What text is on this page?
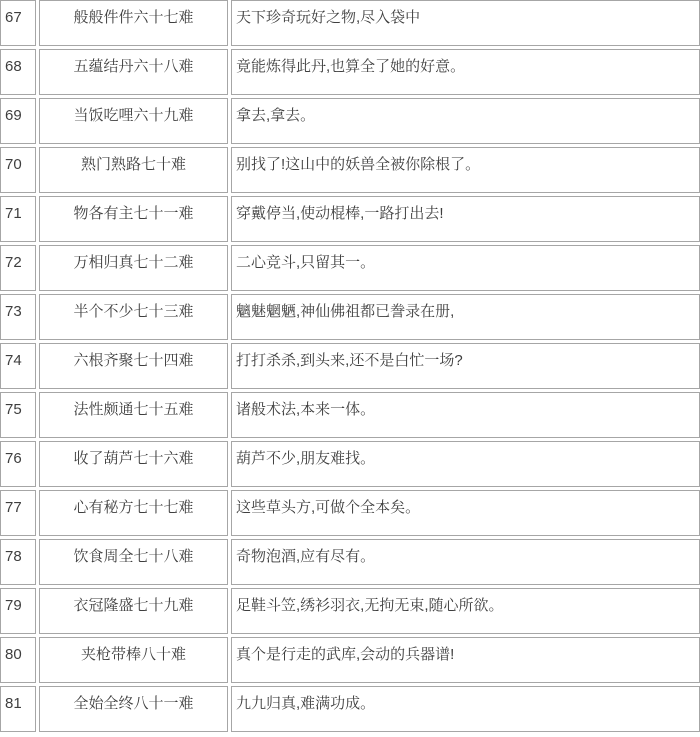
67	般般件件六十七难	天下珍奇玩好之物,尽入袋中
68	五蕴结丹六十八难	竟能炼得此丹,也算全了她的好意。
69	当饭吃哩六十九难	拿去,拿去。
70	熟门熟路七十难	别找了!这山中的妖兽全被你除根了。
71	物各有主七十一难	穿戴停当,使动棍棒,一路打出去!
72	万相归真七十二难	二心竞斗,只留其一。
73	半个不少七十三难	魑魅魍魉,神仙佛祖都已誊录在册,
74	六根齐聚七十四难	打打杀杀,到头来,还不是白忙一场?
75	法性颇通七十五难	诸般术法,本来一体。
76	收了葫芦七十六难	葫芦不少,朋友难找。
77	心有秘方七十七难	这些草头方,可做个全本矣。
78	饮食周全七十八难	奇物泡酒,应有尽有。
79	衣冠隆盛七十九难	足鞋斗笠,绣衫羽衣,无拘无束,随心所欲。
80	夹枪带棒八十难	真个是行走的武库,会动的兵器谱!
81	全始全终八十一难	九九归真,难满功成。
